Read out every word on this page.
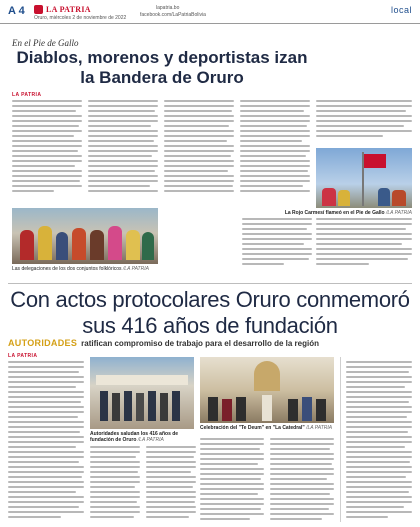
A 4	LA PATRIA
Oruro, miércoles 2 de noviembre de 2022
lapatria.bo
facebook.com/LaPatriaBolivia	local
En el Pie de Gallo
Diablos, morenos y deportistas izan la Bandera de Oruro
LA PATRIA
Las delegaciones de los dos conjuntos folklóricos /LA PATRIA
La Rojo Carmesí flameó en el Pie de Gallo /LA PATRIA
Con actos protocolares Oruro conmemoró sus 416 años de fundación
AUTORIDADES ratifican compromiso de trabajo para el desarrollo de la región
LA PATRIA
Autoridades saludan los 416 años de fundación de Oruro /LA PATRIA
Celebración del "Te Deum" en "La Catedral" /LA PATRIA
